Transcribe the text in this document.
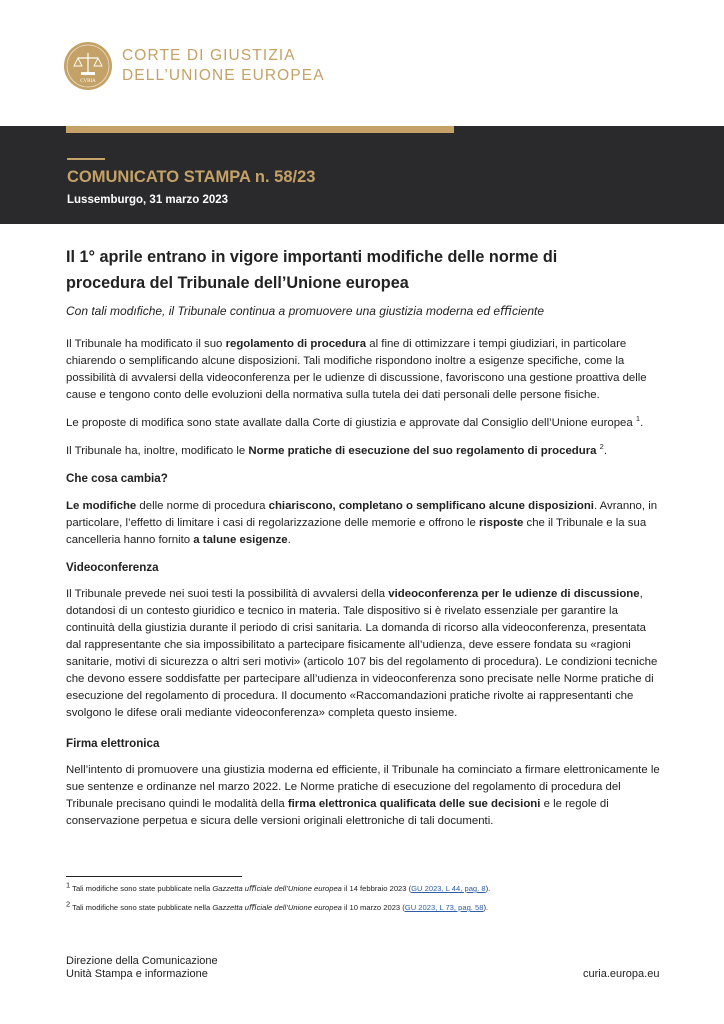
CVRIA
CORTE DI GIUSTIZIA
DELL’UNIONE EUROPEA
COMUNICATO STAMPA n. 58/23
Lussemburgo, 31 marzo 2023
Il 1° aprile entrano in vigore importanti modifiche delle norme di
procedura del Tribunale dell’Unione europea
Con tali modıfiche, il Tribunale continua a promuovere una giustizia moderna ed eﬃciente
Il Tribunale ha modificato il suo regolamento di procedura al fine di ottimizzare i tempi giudiziari, in particolare chiarendo o semplificando alcune disposizioni. Tali modifiche rispondono inoltre a esigenze specifiche, come la possibilità di avvalersi della videoconferenza per le udienze di discussione, favoriscono una gestione proattiva delle cause e tengono conto delle evoluzioni della normativa sulla tutela dei dati personali delle persone fisiche.
Le proposte di modifica sono state avallate dalla Corte di giustizia e approvate dal Consiglio dell’Unione europea $^1$.
Il Tribunale ha, inoltre, modificato le Norme pratiche di esecuzione del suo regolamento di procedura $^2$.
Che cosa cambia?
Le modifiche delle norme di procedura chiariscono, completano o semplificano alcune disposizioni. Avranno, in particolare, l’effetto di limitare i casi di regolarizzazione delle memorie e offrono le risposte che il Tribunale e la sua cancelleria hanno fornito a talune esigenze.
Videoconferenza
Il Tribunale prevede nei suoi testi la possibilità di avvalersi della videoconferenza per le udienze di discussione, dotandosi di un contesto giuridico e tecnico in materia. Tale dispositivo si è rivelato essenziale per garantire la continuità della giustizia durante il periodo di crisi sanitaria. La domanda di ricorso alla videoconferenza, presentata dal rappresentante che sia impossibilitato a partecipare fisicamente all’udienza, deve essere fondata su «ragioni sanitarie, motivi di sicurezza o altri seri motivi» (articolo 107 bis del regolamento di procedura). Le condizioni tecniche che devono essere soddisfatte per partecipare all’udienza in videoconferenza sono precisate nelle Norme pratiche di esecuzione del regolamento di procedura. Il documento «Raccomandazioni pratiche rivolte ai rappresentanti che svolgono le difese orali mediante videoconferenza» completa questo insieme.
Firma elettronica
Nell’intento di promuovere una giustizia moderna ed efficiente, il Tribunale ha cominciato a firmare elettronicamente le sue sentenze e ordinanze nel marzo 2022. Le Norme pratiche di esecuzione del regolamento di procedura del Tribunale precisano quindi le modalità della firma elettronica qualificata delle sue decisioni e le regole di conservazione perpetua e sicura delle versioni originali elettroniche di tali documenti.
$^1$ Tali modifiche sono state pubblicate nella Gazzetta uﬃciale dell’Unione europea il 14 febbraio 2023 (GU 2023, L 44, pag. 8).
$^2$ Tali modifiche sono state pubblicate nella Gazzetta uﬃciale dell’Unione europea il 10 marzo 2023 (GU 2023, L 73, pag. 58).
Direzione della Comunicazione
Unità Stampa e informazione	curia.europa.eu
